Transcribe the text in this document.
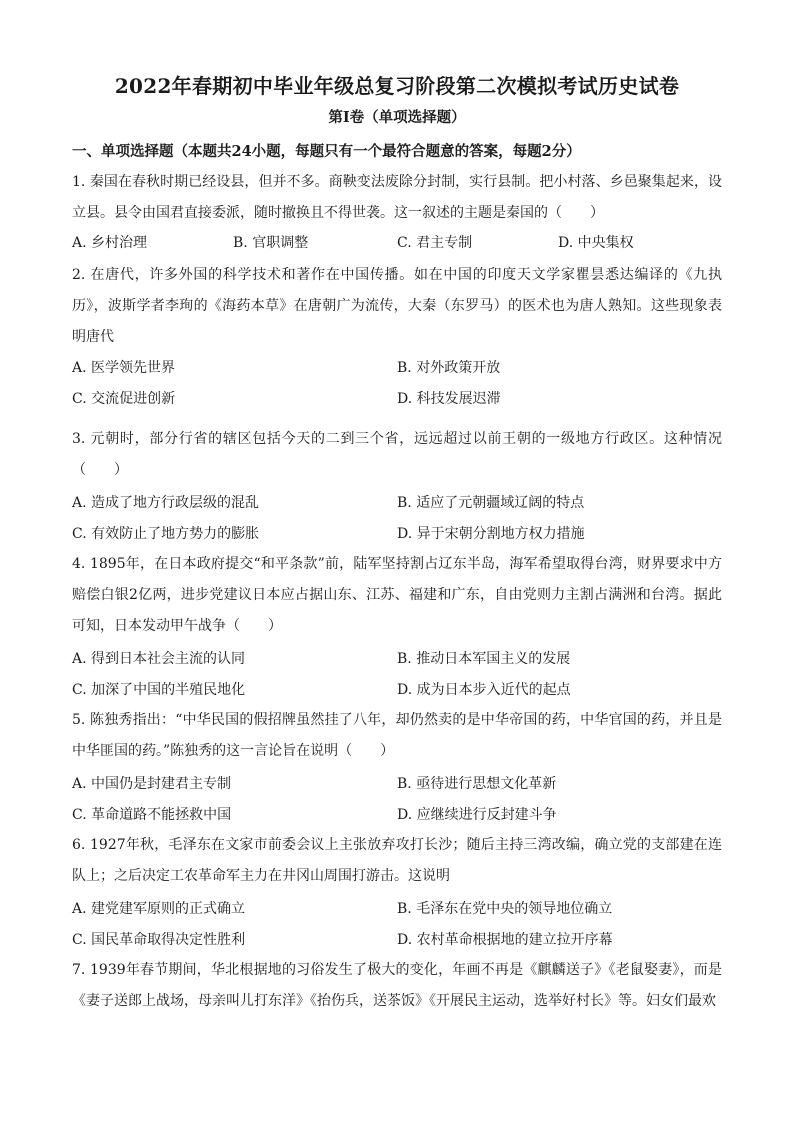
2022年春期初中毕业年级总复习阶段第二次模拟考试历史试卷
第Ⅰ卷（单项选择题）
一、单项选择题（本题共24小题，每题只有一个最符合题意的答案，每题2分）
1. 秦国在春秋时期已经设县，但并不多。商鞅变法废除分封制，实行县制。把小村落、乡邑聚集起来，设立县。县令由国君直接委派，随时撤换且不得世袭。这一叙述的主题是秦国的（　　）
A. 乡村治理	B. 官职调整	C. 君主专制	D. 中央集权
2. 在唐代，许多外国的科学技术和著作在中国传播。如在中国的印度天文学家瞿昙悉达编译的《九执历》，波斯学者李珣的《海药本草》在唐朝广为流传，大秦（东罗马）的医术也为唐人熟知。这些现象表明唐代
A. 医学领先世界	B. 对外政策开放
C. 交流促进创新	D. 科技发展迟滞
3. 元朝时，部分行省的辖区包括今天的二到三个省，远远超过以前王朝的一级地方行政区。这种情况（　　）
A. 造成了地方行政层级的混乱	B. 适应了元朝疆域辽阔的特点
C. 有效防止了地方势力的膨胀	D. 异于宋朝分割地方权力措施
4. 1895年，在日本政府提交“和平条款”前，陆军坚持割占辽东半岛，海军希望取得台湾，财界要求中方赔偿白银2亿两，进步党建议日本应占据山东、江苏、福建和广东，自由党则力主割占满洲和台湾。据此可知，日本发动甲午战争（　　）
A. 得到日本社会主流的认同	B. 推动日本军国主义的发展
C. 加深了中国的半殖民地化	D. 成为日本步入近代的起点
5. 陈独秀指出：“中华民国的假招牌虽然挂了八年，却仍然卖的是中华帝国的药，中华官国的药，并且是中华匪国的药。”陈独秀的这一言论旨在说明（　　）
A. 中国仍是封建君主专制	B. 亟待进行思想文化革新
C. 革命道路不能拯救中国	D. 应继续进行反封建斗争
6. 1927年秋，毛泽东在文家市前委会议上主张放弃攻打长沙；随后主持三湾改编，确立党的支部建在连队上；之后决定工农革命军主力在井冈山周围打游击。这说明
A. 建党建军原则的正式确立	B. 毛泽东在党中央的领导地位确立
C. 国民革命取得决定性胜利	D. 农村革命根据地的建立拉开序幕
7. 1939年春节期间，华北根据地的习俗发生了极大的变化，年画不再是《麒麟送子》《老鼠娶妻》，而是《妻子送郎上战场，母亲叫儿打东洋》《抬伤兵，送茶饭》《开展民主运动，选举好村长》等。妇女们最欢
